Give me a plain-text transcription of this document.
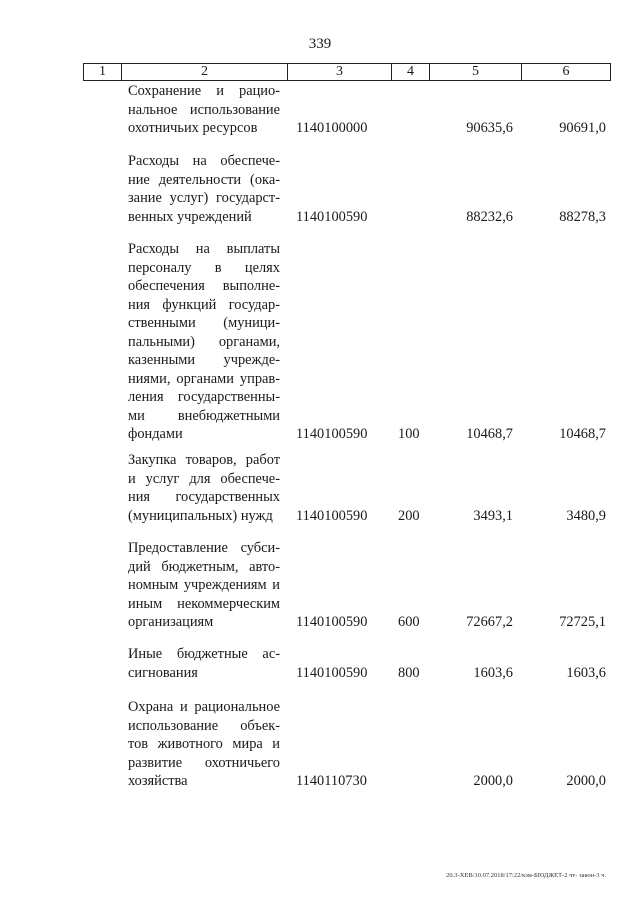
339
1	2	3	4	5	6
Сохранение и рацио-
нальное использование
охотничьих ресурсов	1140100000	90635,6	90691,0
Расходы на обеспече-
ние деятельности (ока-
зание услуг) государст-
венных учреждений	1140100590	88232,6	88278,3
Расходы на выплаты
персоналу в целях
обеспечения выполне-
ния функций государ-
ственными (муници-
пальными) органами,
казенными учрежде-
ниями, органами управ-
ления государственны-
ми внебюджетными
фондами	1140100590 100	10468,7	10468,7
Закупка товаров, работ
и услуг для обеспече-
ния государственных
(муниципальных) нужд	1140100590 200	3493,1	3480,9
Предоставление субси-
дий бюджетным, авто-
номным учреждениям и
иным некоммерческим
организациям	1140100590 600	72667,2	72725,1
Иные бюджетные ас-
сигнования	1140100590 800	1603,6	1603,6
Охрана и рациональное
использование объек-
тов животного мира и
развитие охотничьего
хозяйства	1140110730	2000,0	2000,0
20.3-ХЕВ/10.07.2018/17:22/кзм-БЮДЖЕТ-2 чт- закон-3 ч.
